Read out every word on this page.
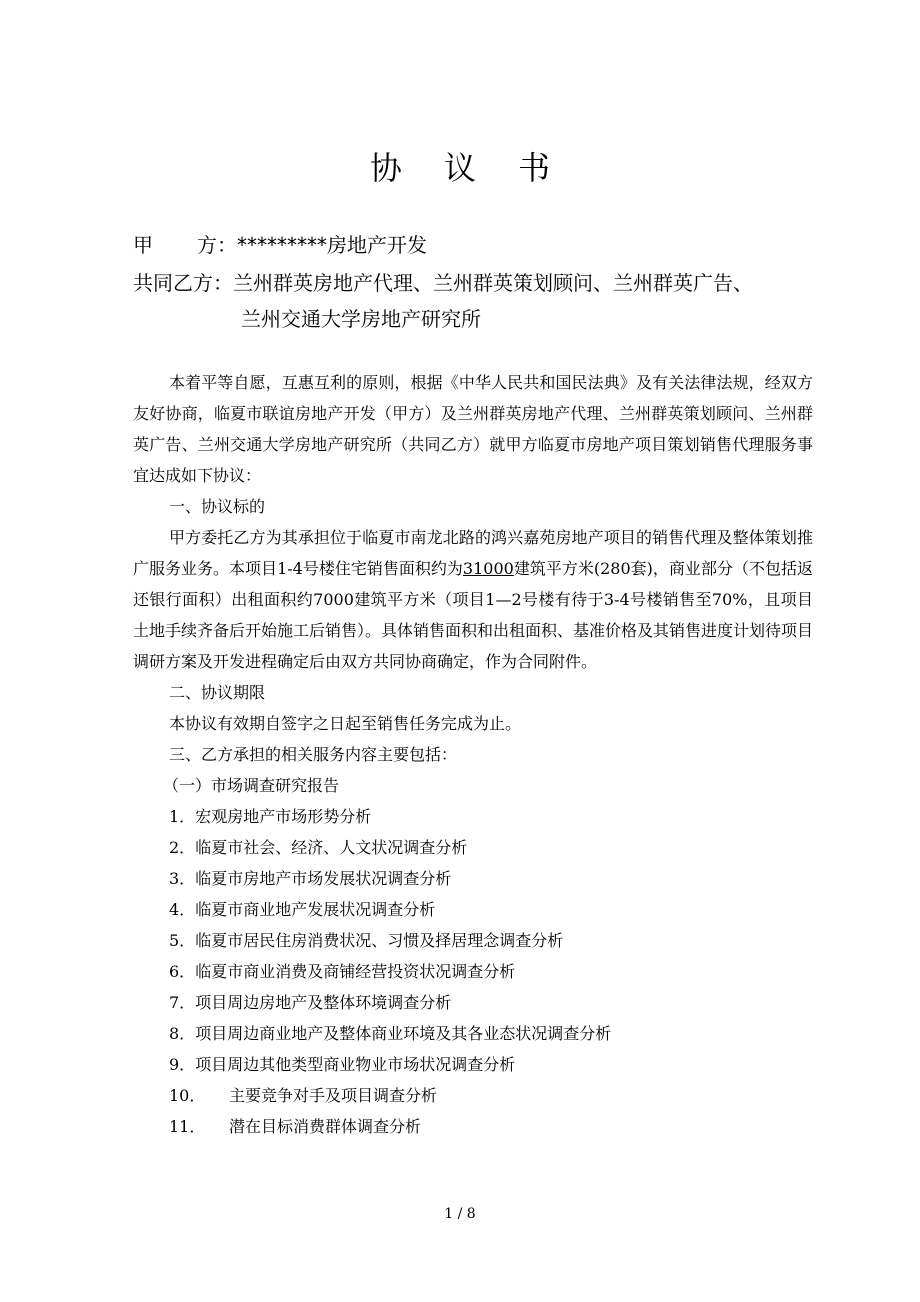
协 议 书
甲 方：*********房地产开发
共同乙方：兰州群英房地产代理、兰州群英策划顾问、兰州群英广告、
兰州交通大学房地产研究所

本着平等自愿，互惠互利的原则，根据《中华人民共和国民法典》及有关法律法规，经双方友好协商，临夏市联谊房地产开发（甲方）及兰州群英房地产代理、兰州群英策划顾问、兰州群英广告、兰州交通大学房地产研究所（共同乙方）就甲方临夏市房地产项目策划销售代理服务事宜达成如下协议：

一、协议标的

甲方委托乙方为其承担位于临夏市南龙北路的鸿兴嘉苑房地产项目的销售代理及整体策划推广服务业务。本项目1-4号楼住宅销售面积约为31000建筑平方米(280套)，商业部分（不包括返还银行面积）出租面积约7000建筑平方米（项目1—2号楼有待于3-4号楼销售至70%，且项目土地手续齐备后开始施工后销售）。具体销售面积和出租面积、基准价格及其销售进度计划待项目调研方案及开发进程确定后由双方共同协商确定，作为合同附件。

二、协议期限

本协议有效期自签字之日起至销售任务完成为止。

三、乙方承担的相关服务内容主要包括：

（一）市场调查研究报告

1．宏观房地产市场形势分析

2．临夏市社会、经济、人文状况调查分析

3．临夏市房地产市场发展状况调查分析

4．临夏市商业地产发展状况调查分析

5．临夏市居民住房消费状况、习惯及择居理念调查分析

6．临夏市商业消费及商铺经营投资状况调查分析

7．项目周边房地产及整体环境调查分析

8．项目周边商业地产及整体商业环境及其各业态状况调查分析

9．项目周边其他类型商业物业市场状况调查分析

10． 主要竞争对手及项目调查分析

11． 潜在目标消费群体调查分析

1 / 8
